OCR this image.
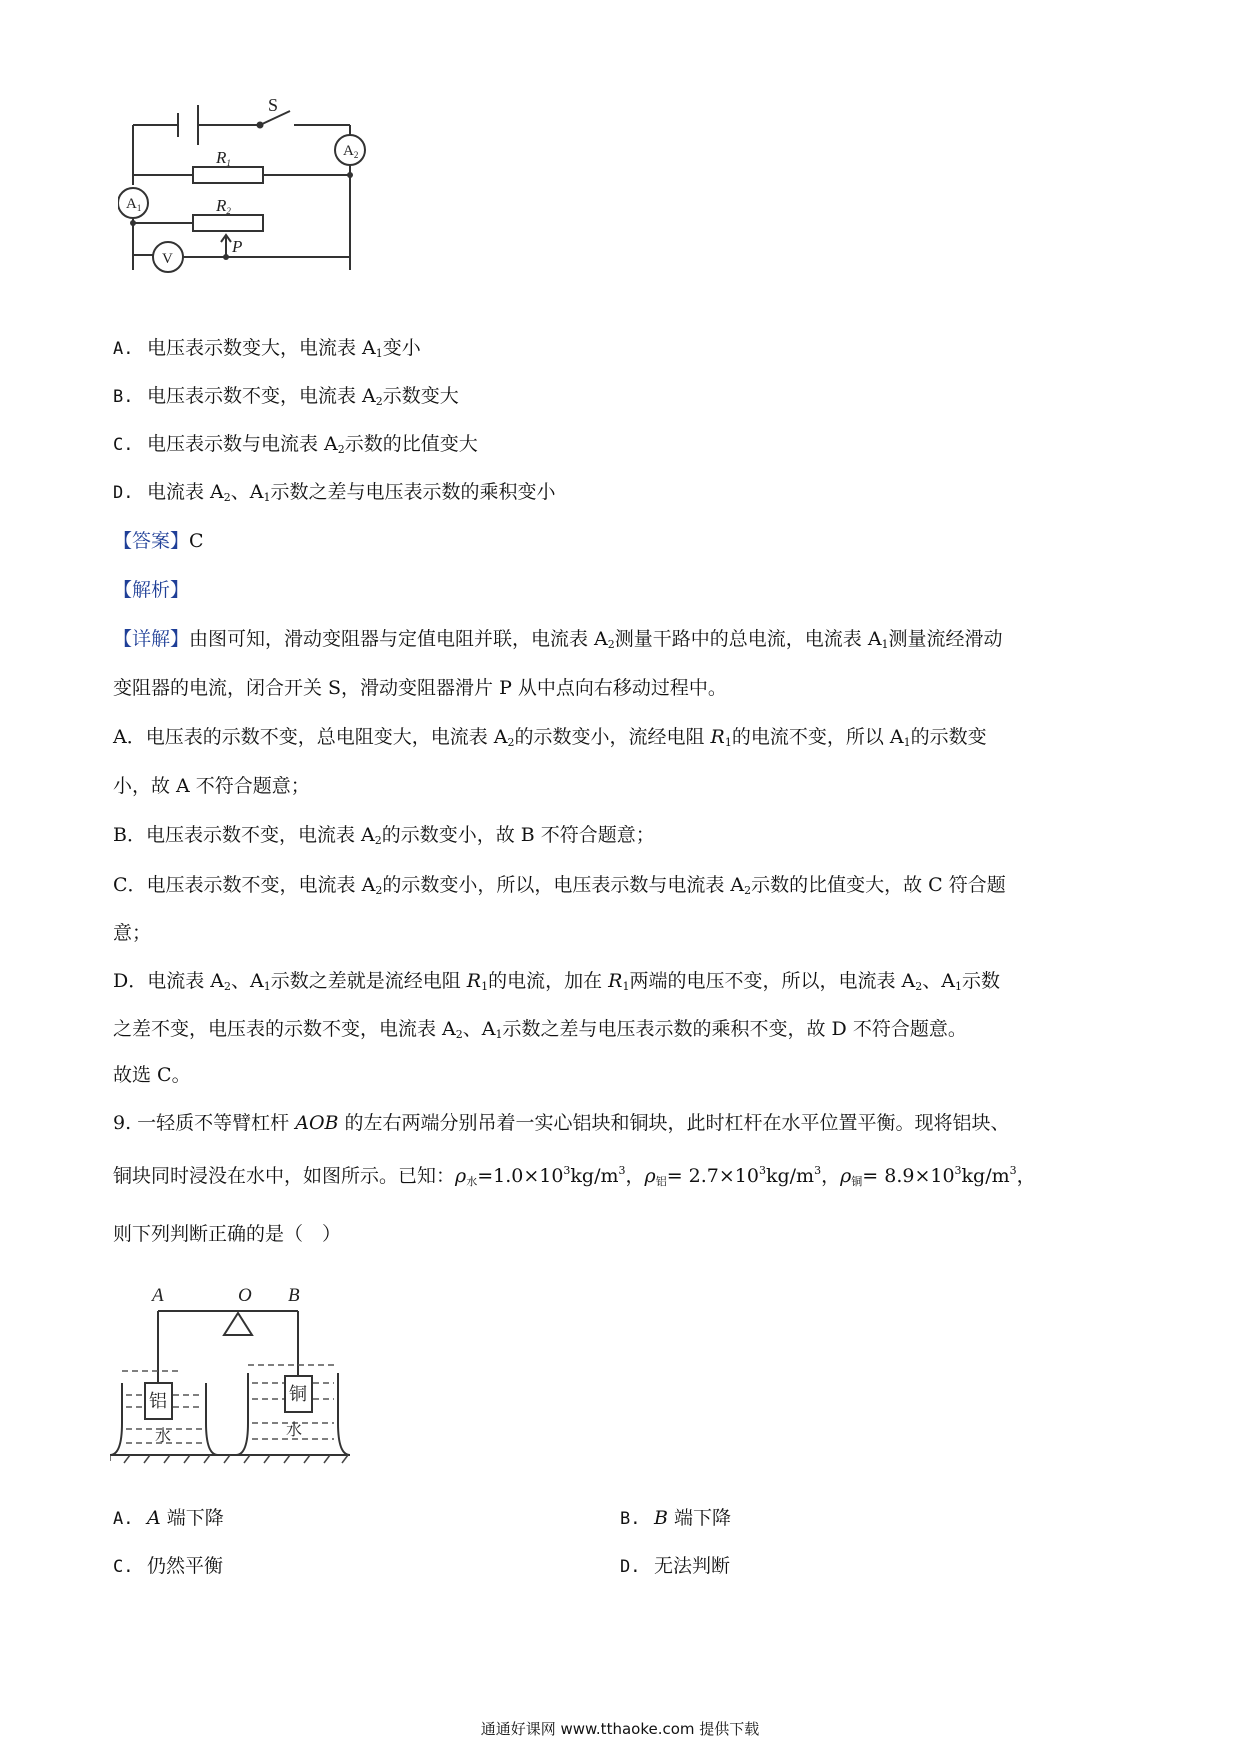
S
$A_2$
$A_1$
R1
R2
V
P
A. 电压表示数变大，电流表 $A_1$变小
B. 电压表示数不变，电流表 $A_2$示数变大
C. 电压表示数与电流表 $A_2$示数的比值变大
D. 电流表 $A_2$、$A_1$示数之差与电压表示数的乘积变小
【答案】C
【解析】
【详解】由图可知，滑动变阻器与定值电阻并联，电流表 $A_2$测量干路中的总电流，电流表 $A_1$测量流经滑动
变阻器的电流，闭合开关 S，滑动变阻器滑片 P 从中点向右移动过程中。
A．电压表的示数不变，总电阻变大，电流表 $A_2$的示数变小，流经电阻 $R_1$的电流不变，所以 $A_1$的示数变
小，故 A 不符合题意；
B．电压表示数不变，电流表 $A_2$的示数变小，故 B 不符合题意；
C．电压表示数不变，电流表 $A_2$的示数变小，所以，电压表示数与电流表 $A_2$示数的比值变大，故 C 符合题
意；
D．电流表 $A_2$、$A_1$示数之差就是流经电阻 $R_1$的电流，加在 $R_1$两端的电压不变，所以，电流表 $A_2$、$A_1$示数
之差不变，电压表的示数不变，电流表 $A_2$、$A_1$示数之差与电压表示数的乘积不变，故 D 不符合题意。
故选 C。
9. 一轻质不等臂杠杆 AOB 的左右两端分别吊着一实心铝块和铜块，此时杠杆在水平位置平衡。现将铝块、
铜块同时浸没在水中，如图所示。已知：$\rho_水=1.0\times 10^3kg/m^3$，$\rho_铝= 2.7\times 10^3kg/m^3$，$\rho_铜= 8.9\times 10^3kg/m^3$，
则下列判断正确的是（　）
A	O B
铝	铜
水	水
A. A 端下降	B. B 端下降
C. 仍然平衡	D. 无法判断
通通好课网 www.tthaoke.com 提供下载
